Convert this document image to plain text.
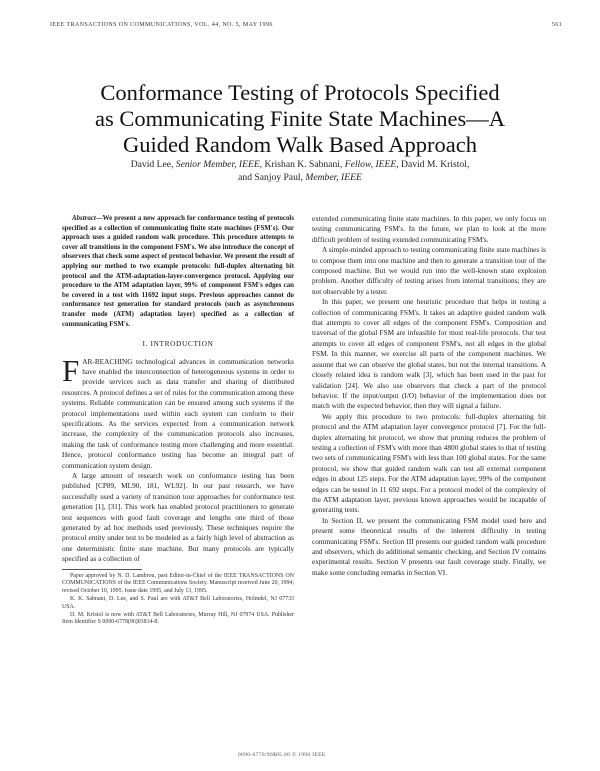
IEEE TRANSACTIONS ON COMMUNICATIONS, VOL. 44, NO. 5, MAY 1996	561
Conformance Testing of Protocols Specified
as Communicating Finite State Machines—A
Guided Random Walk Based Approach
David Lee, Senior Member, IEEE, Krishan K. Sabnani, Fellow, IEEE, David M. Kristol,
and Sanjoy Paul, Member, IEEE

Abstract—We present a new approach for conformance testing of protocols specified as a collection of communicating finite state machines (FSM's). Our approach uses a guided random walk procedure. This procedure attempts to cover all transitions in the component FSM's. We also introduce the concept of observers that check some aspect of protocol behavior. We present the result of applying our method to two example protocols: full-duplex alternating bit protocol and the ATM-adaptation-layer-convergence protocol. Applying our procedure to the ATM adaptation layer, 99% of component FSM's edges can be covered in a test with 11692 input steps. Previous approaches cannot do conformance test generation for standard protocols (such as asynchronous transfer mode (ATM) adaptation layer) specified as a collection of communicating FSM's.

I. INTRODUCTION

FAR-REACHING technological advances in communication networks have enabled the interconnection of heterogeneous systems in order to provide services such as data transfer and sharing of distributed resources. A protocol defines a set of rules for the communication among these systems. Reliable communication can be ensured among such systems if the protocol implementations used within each system can conform to their specifications. As the services expected from a communication network increase, the complexity of the communication protocols also increases, making the task of conformance testing more challenging and more essential. Hence, protocol conformance testing has become an integral part of communication system design.

A large amount of research work on conformance testing has been published [CP89, ML90, 181, WL92]. In our past research, we have successfully used a variety of transition tour approaches for conformance test generation [1], [31]. This work has enabled protocol practitioners to generate test sequences with good fault coverage and lengths one third of those generated by ad hoc methods used previously. These techniques require the protocol entity under test to be modeled as a fairly high level of abstraction as one deterministic finite state machine. But many protocols are typically specified as a collection of

Paper approved by N. D. Lambrou, past Editor-in-Chief of the IEEE TRANSACTIONS ON COMMUNICATIONS of the IEEE Communications Society. Manuscript received June 20, 1994; revised October 10, 1995. Issue date 1995, and July 13, 1995.

K. K. Sabnani, D. Lee, and S. Paul are with AT&T Bell Laboratories, Holmdel, NJ 07733 USA.

D. M. Kristol is now with AT&T Bell Laboratories, Murray Hill, NJ 07974 USA. Publisher Item Identifier S 0090-6778(96)03814-8.

extended communicating finite state machines. In this paper, we only focus on testing communicating FSM's. In the future, we plan to look at the more difficult problem of testing extended communicating FSM's.

A simple-minded approach to testing communicating finite state machines is to compose them into one machine and then to generate a transition tour of the composed machine. But we would run into the well-known state explosion problem. Another difficulty of testing arises from internal transitions; they are not observable by a tester.

In this paper, we present one heuristic procedure that helps in testing a collection of communicating FSM's. It takes an adaptive guided random walk that attempts to cover all edges of the component FSM's. Composition and traversal of the global FSM are infeasible for most real-life protocols. Our test attempts to cover all edges of component FSM's, not all edges in the global FSM. In this manner, we exercise all parts of the component machines. We assume that we can observe the global states, but not the internal transitions. A closely related idea is random walk [3], which has been used in the past for validation [24]. We also use observers that check a part of the protocol behavior. If the input/output (I/O) behavior of the implementation does not match with the expected behavior, then they will signal a failure.

We apply this procedure to two protocols: full-duplex alternating bit protocol and the ATM adaptation layer convergence protocol [7]. For the full-duplex alternating bit protocol, we show that pruning reduces the problem of testing a collection of FSM's with more than 4800 global states to that of testing two sets of communicating FSM's with less than 100 global states. For the same protocol, we show that guided random walk can test all external component edges in about 125 steps. For the ATM adaptation layer, 99% of the component edges can be tested in 11 692 steps. For a protocol model of the complexity of the ATM adaptation layer, previous known approaches would be incapable of generating tests.

In Section II, we present the communicating FSM model used here and present some theoretical results of the inherent difficulty in testing communicating FSM's. Section III presents our guided random walk procedure and observers, which do additional semantic checking, and Section IV contains experimental results. Section V presents our fault coverage study. Finally, we make some concluding remarks in Section VI.

0090-6778/96$05.00 © 1996 IEEE
